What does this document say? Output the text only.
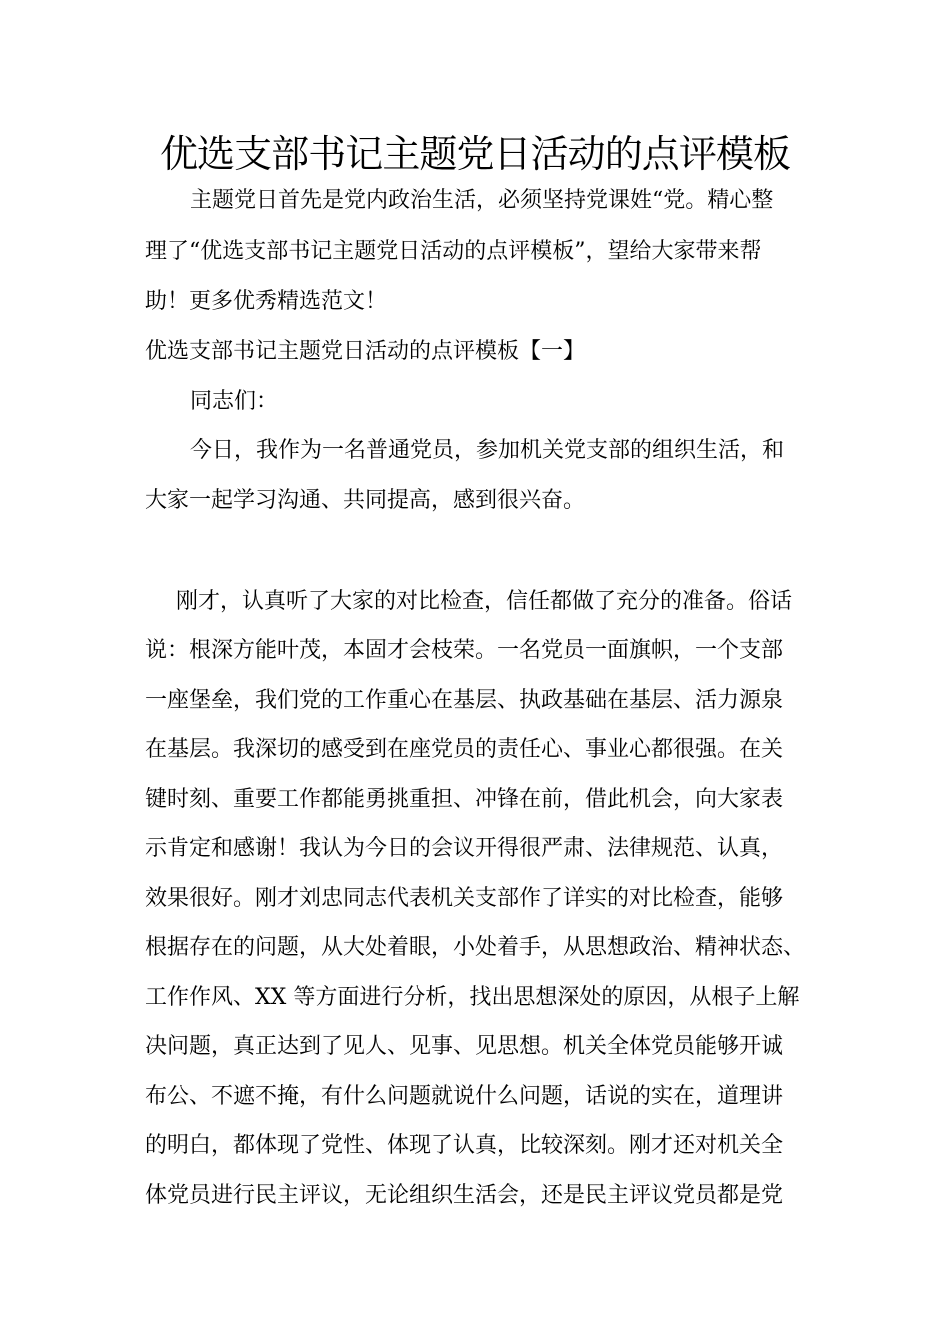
优选支部书记主题党日活动的点评模板
主题党日首先是党内政治生活，必须坚持党课姓“党。精心整
理了“优选支部书记主题党日活动的点评模板”，望给大家带来帮
助！更多优秀精选范文！
优选支部书记主题党日活动的点评模板【一】
同志们：
今日，我作为一名普通党员，参加机关党支部的组织生活，和
大家一起学习沟通、共同提高，感到很兴奋。
刚才，认真听了大家的对比检查，信任都做了充分的准备。俗话
说：根深方能叶茂，本固才会枝荣。一名党员一面旗帜，一个支部
一座堡垒，我们党的工作重心在基层、执政基础在基层、活力源泉
在基层。我深切的感受到在座党员的责任心、事业心都很强。在关
键时刻、重要工作都能勇挑重担、冲锋在前，借此机会，向大家表
示肯定和感谢！我认为今日的会议开得很严肃、法律规范、认真，
效果很好。刚才刘忠同志代表机关支部作了详实的对比检查，能够
根据存在的问题，从大处着眼，小处着手，从思想政治、精神状态、
工作作风、XX 等方面进行分析，找出思想深处的原因，从根子上解
决问题，真正达到了见人、见事、见思想。机关全体党员能够开诚
布公、不遮不掩，有什么问题就说什么问题，话说的实在，道理讲
的明白，都体现了党性、体现了认真，比较深刻。刚才还对机关全
体党员进行民主评议，无论组织生活会，还是民主评议党员都是党
